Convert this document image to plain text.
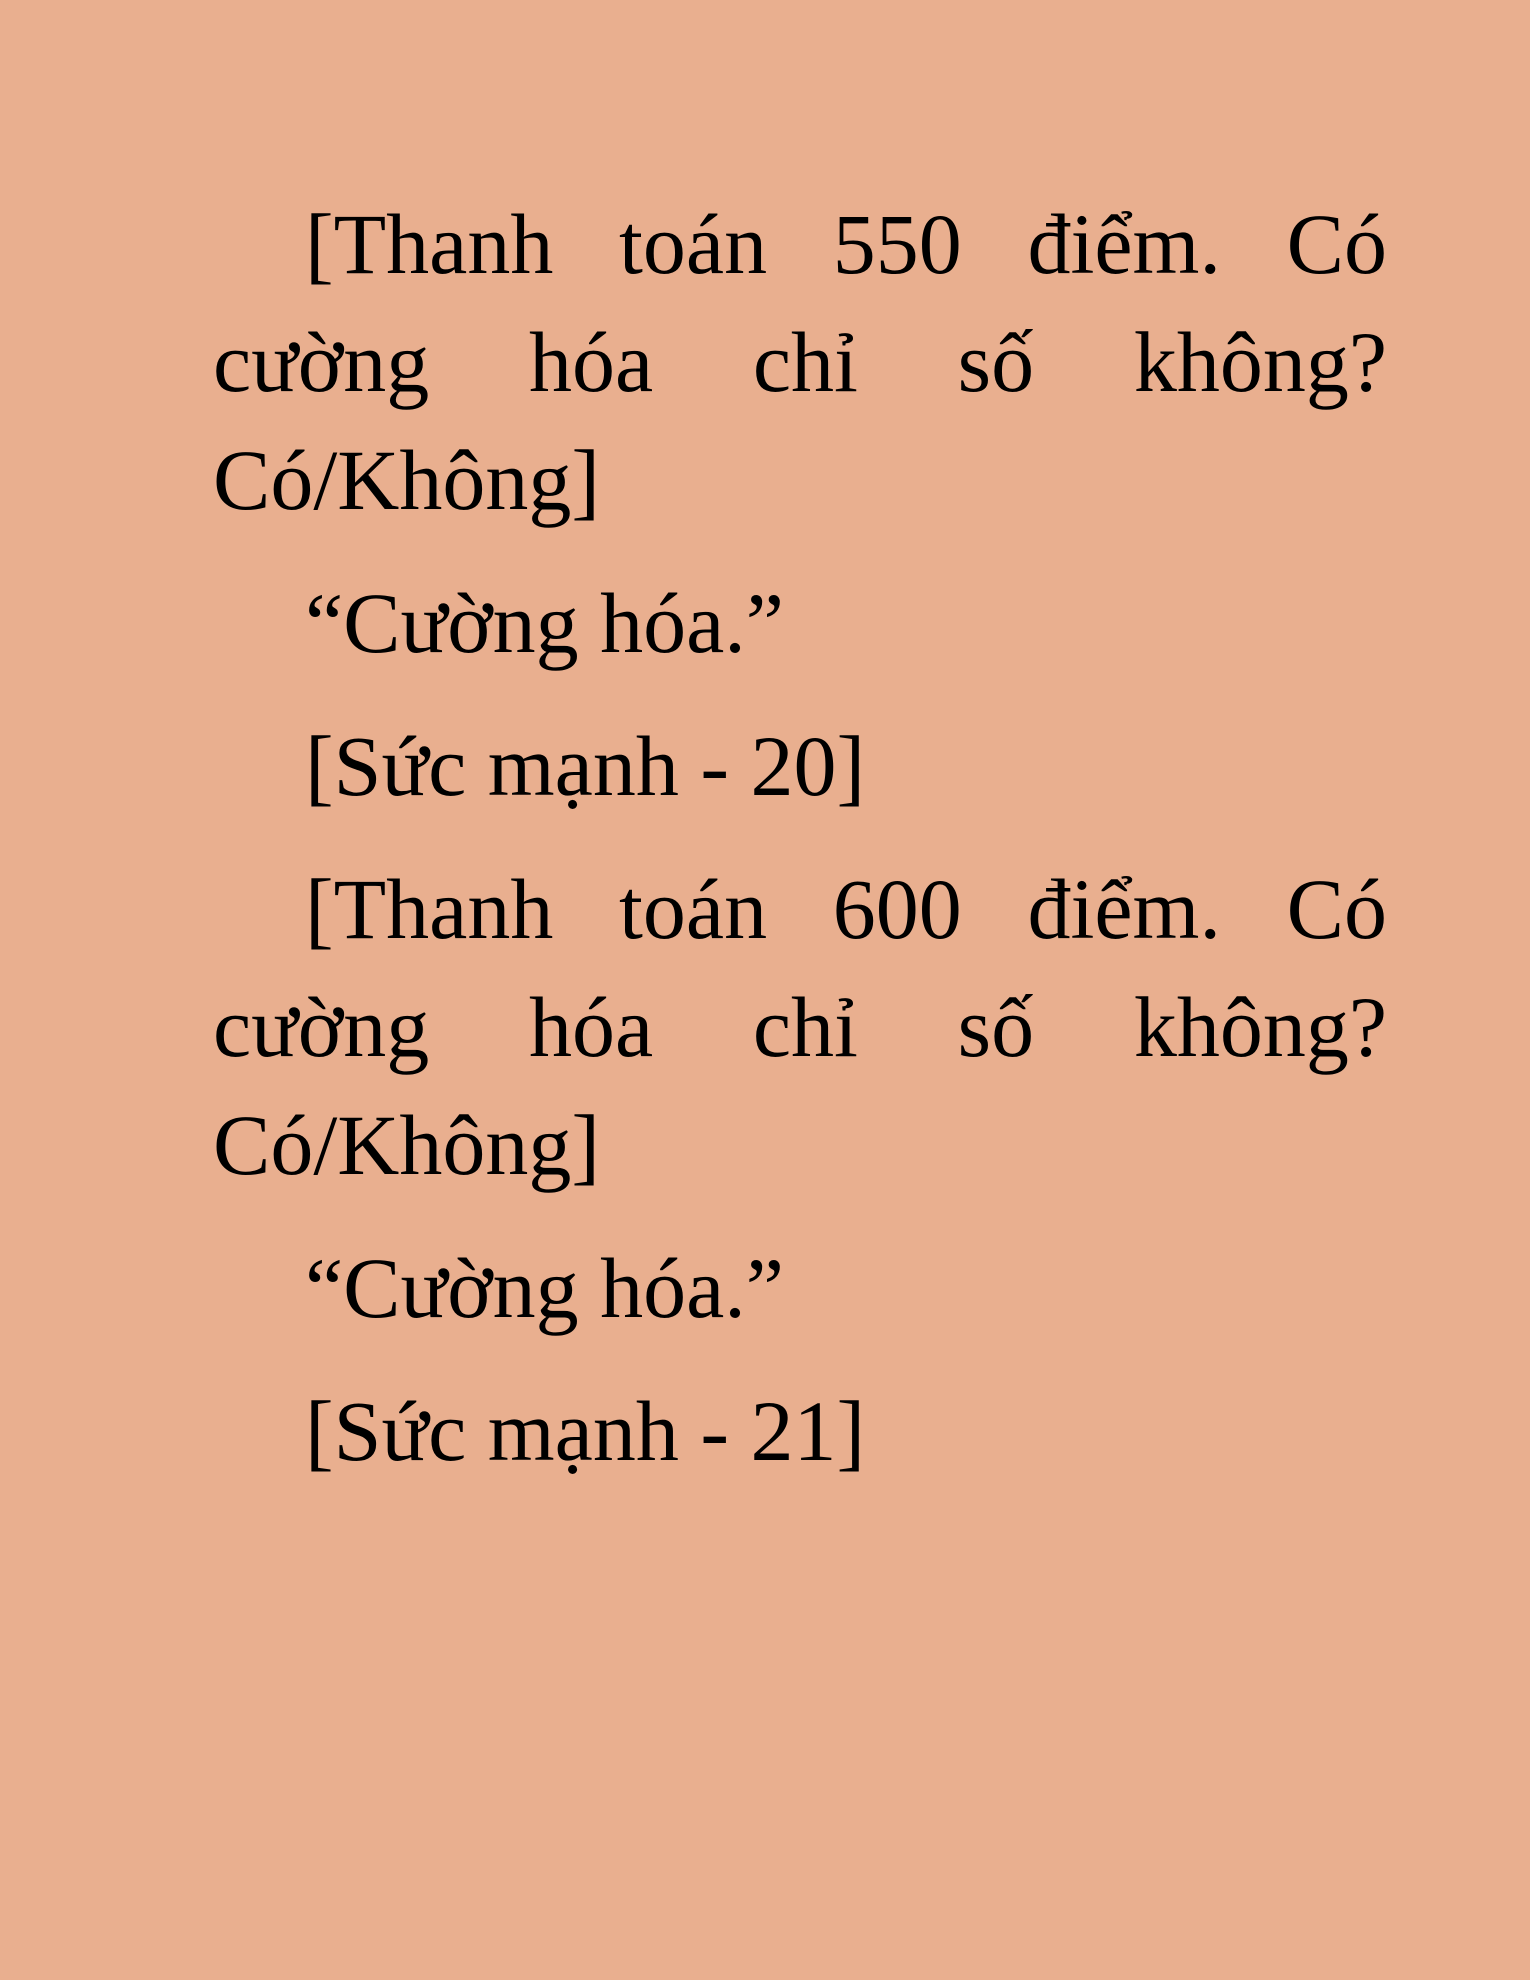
[Thanh toán 550 điểm. Có cường hóa chỉ số không? Có/Không]

“Cường hóa.”

[Sức mạnh - 20]

[Thanh toán 600 điểm. Có cường hóa chỉ số không? Có/Không]

“Cường hóa.”

[Sức mạnh - 21]
